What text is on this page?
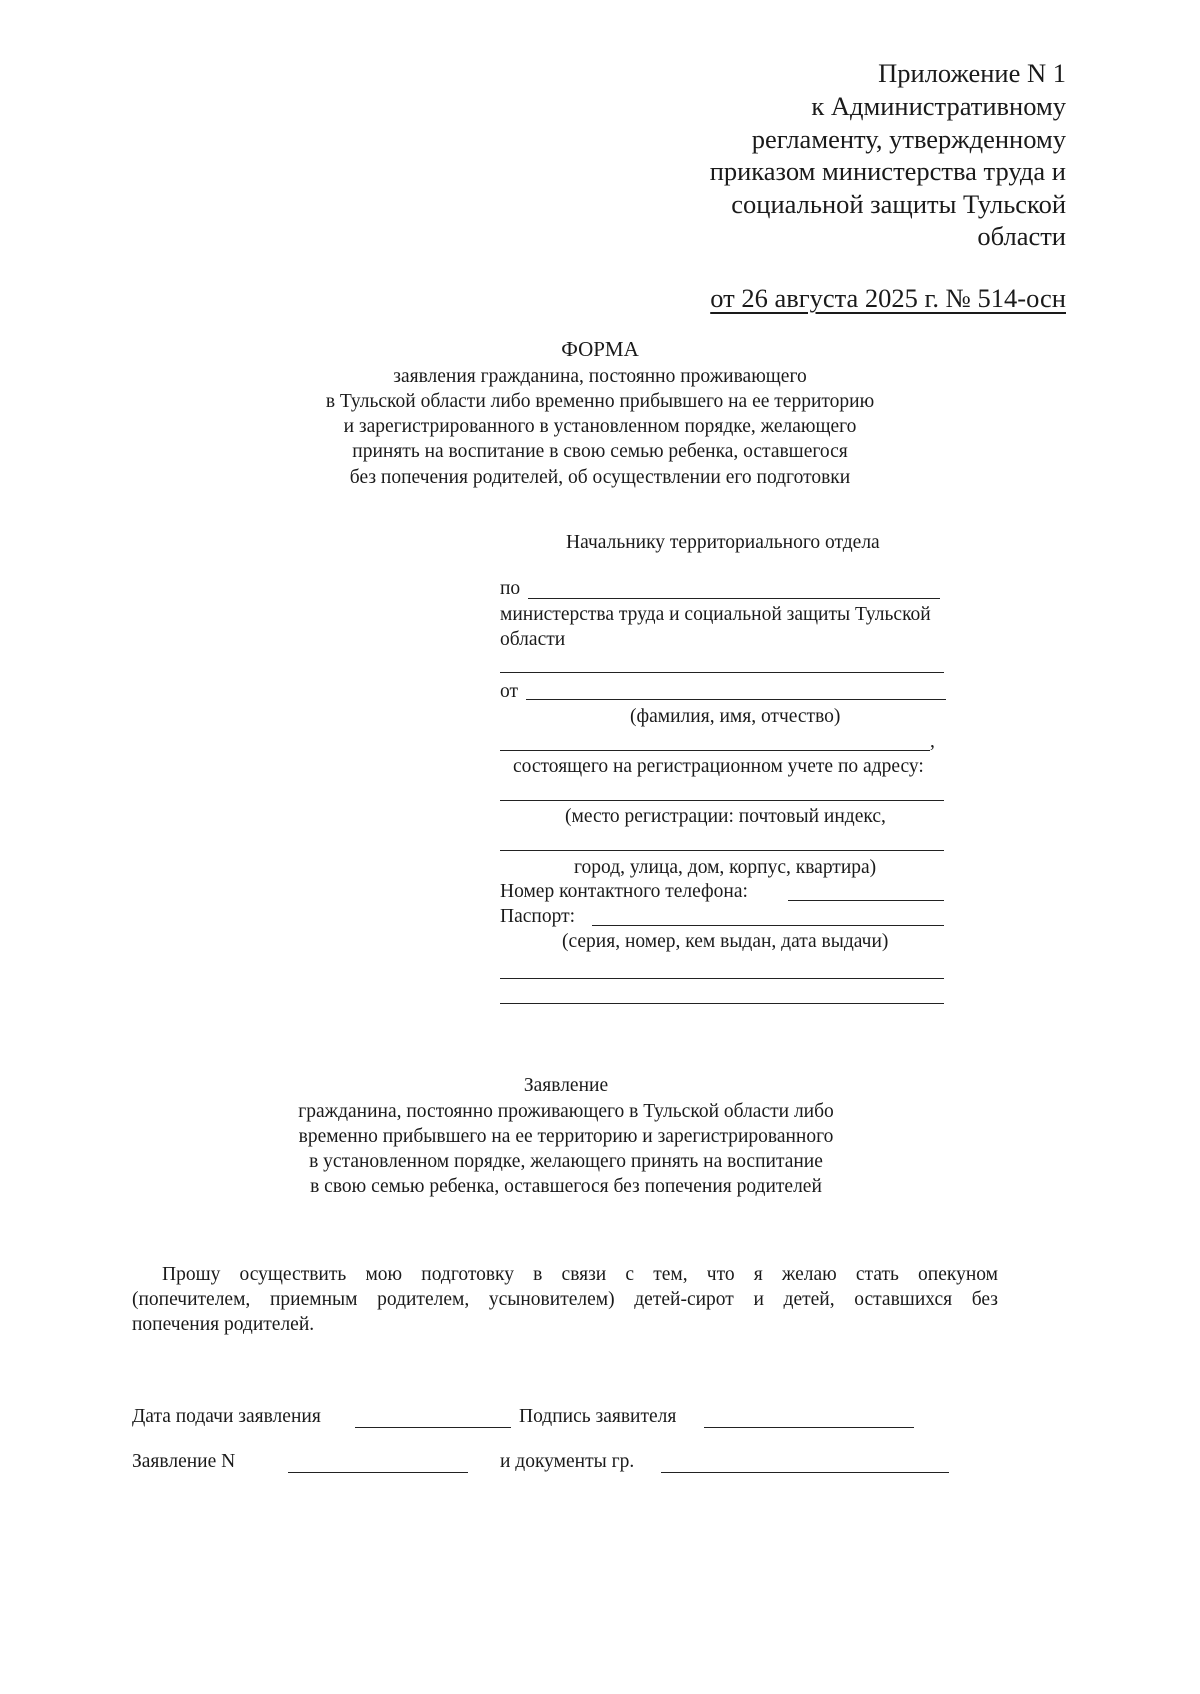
Приложение N 1
к Административному
регламенту, утвержденному
приказом министерства труда и
социальной защиты Тульской
области
от 26 августа 2025 г. № 514-осн
ФОРМА
заявления гражданина, постоянно проживающего
в Тульской области либо временно прибывшего на ее территорию
и зарегистрированного в установленном порядке, желающего
принять на воспитание в свою семью ребенка, оставшегося
без попечения родителей, об осуществлении его подготовки
Начальнику территориального отдела
по
министерства труда и социальной защиты Тульской
области
от
(фамилия, имя, отчество)
,
состоящего на регистрационном учете по адресу:
(место регистрации: почтовый индекс,
город, улица, дом, корпус, квартира)
Номер контактного телефона:
Паспорт:
(серия, номер, кем выдан, дата выдачи)
Заявление
гражданина, постоянно проживающего в Тульской области либо
временно прибывшего на ее территорию и зарегистрированного
в установленном порядке, желающего принять на воспитание
в свою семью ребенка, оставшегося без попечения родителей
Прошу осуществить мою подготовку в связи с тем, что я желаю стать опекуном
(попечителем, приемным родителем, усыновителем) детей-сирот и детей, оставшихся без
попечения родителей.
Дата подачи заявления	Подпись заявителя
Заявление N	и документы гр.
